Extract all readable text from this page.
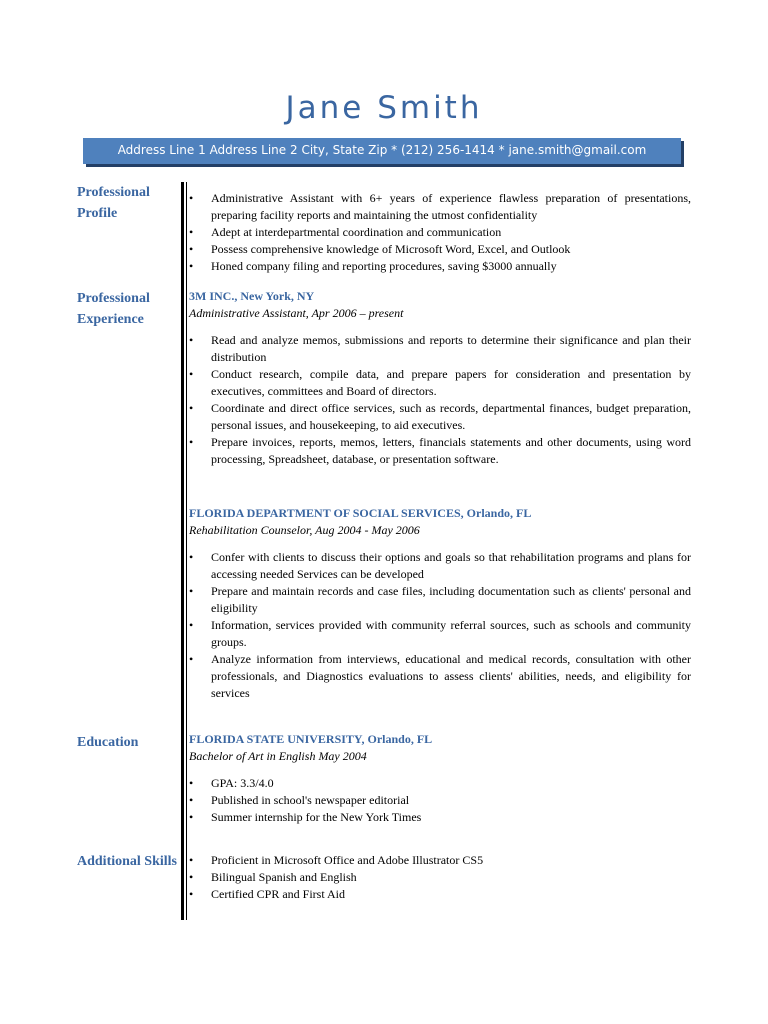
Jane Smith
Address Line 1 Address Line 2 City, State Zip * (212) 256-1414 * jane.smith@gmail.com
Professional Profile
• Administrative Assistant with 6+ years of experience flawless preparation of presentations, preparing facility reports and maintaining the utmost confidentiality
• Adept at interdepartmental coordination and communication
• Possess comprehensive knowledge of Microsoft Word, Excel, and Outlook
• Honed company filing and reporting procedures, saving $3000 annually
Professional Experience
3M INC., New York, NY
Administrative Assistant, Apr 2006 – present
• Read and analyze memos, submissions and reports to determine their significance and plan their distribution
• Conduct research, compile data, and prepare papers for consideration and presentation by executives, committees and Board of directors.
• Coordinate and direct office services, such as records, departmental finances, budget preparation, personal issues, and housekeeping, to aid executives.
• Prepare invoices, reports, memos, letters, financials statements and other documents, using word processing, Spreadsheet, database, or presentation software.
FLORIDA DEPARTMENT OF SOCIAL SERVICES, Orlando, FL
Rehabilitation Counselor, Aug 2004 - May 2006
• Confer with clients to discuss their options and goals so that rehabilitation programs and plans for accessing needed Services can be developed
• Prepare and maintain records and case files, including documentation such as clients' personal and eligibility
• Information, services provided with community referral sources, such as schools and community groups.
• Analyze information from interviews, educational and medical records, consultation with other professionals, and Diagnostics evaluations to assess clients' abilities, needs, and eligibility for services
Education	FLORIDA STATE UNIVERSITY, Orlando, FL
Bachelor of Art in English May 2004
• GPA: 3.3/4.0
• Published in school's newspaper editorial
• Summer internship for the New York Times
Additional Skills
•	Proficient in Microsoft Office and Adobe Illustrator CS5
• Bilingual Spanish and English
• Certified CPR and First Aid
